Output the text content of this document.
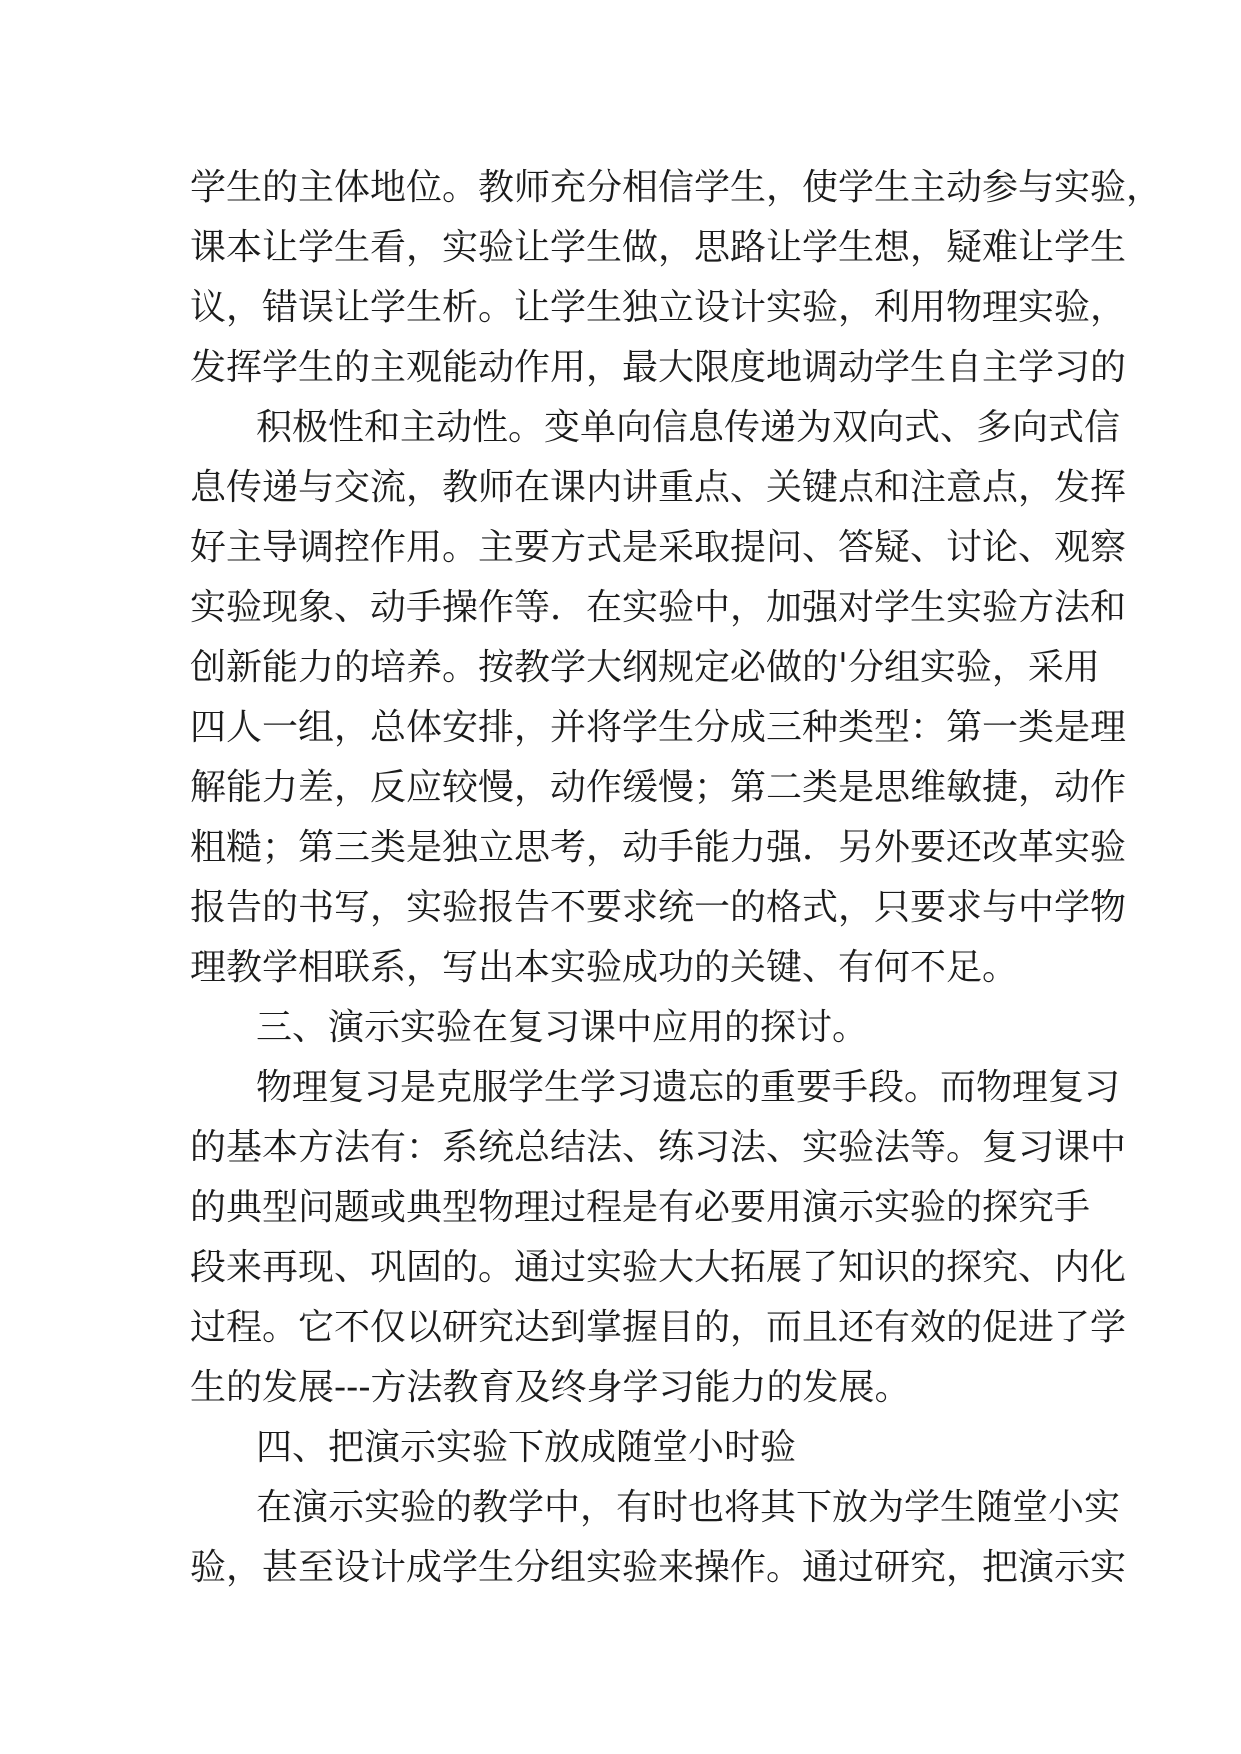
学生的主体地位。教师充分相信学生，使学生主动参与实验，
课本让学生看，实验让学生做，思路让学生想，疑难让学生
议，错误让学生析。让学生独立设计实验，利用物理实验，
发挥学生的主观能动作用，最大限度地调动学生自主学习的
积极性和主动性。变单向信息传递为双向式、多向式信
息传递与交流，教师在课内讲重点、关键点和注意点，发挥
好主导调控作用。主要方式是采取提问、答疑、讨论、观察
实验现象、动手操作等．在实验中，加强对学生实验方法和
创新能力的培养。按教学大纲规定必做的'分组实验，采用
四人一组，总体安排，并将学生分成三种类型：第一类是理
解能力差，反应较慢，动作缓慢；第二类是思维敏捷，动作
粗糙；第三类是独立思考，动手能力强．另外要还改革实验
报告的书写，实验报告不要求统一的格式，只要求与中学物
理教学相联系，写出本实验成功的关键、有何不足。
三、演示实验在复习课中应用的探讨。
物理复习是克服学生学习遗忘的重要手段。而物理复习
的基本方法有：系统总结法、练习法、实验法等。复习课中
的典型问题或典型物理过程是有必要用演示实验的探究手
段来再现、巩固的。通过实验大大拓展了知识的探究、内化
过程。它不仅以研究达到掌握目的，而且还有效的促进了学
生的发展---方法教育及终身学习能力的发展。
四、把演示实验下放成随堂小时验
在演示实验的教学中，有时也将其下放为学生随堂小实
验，甚至设计成学生分组实验来操作。通过研究，把演示实
